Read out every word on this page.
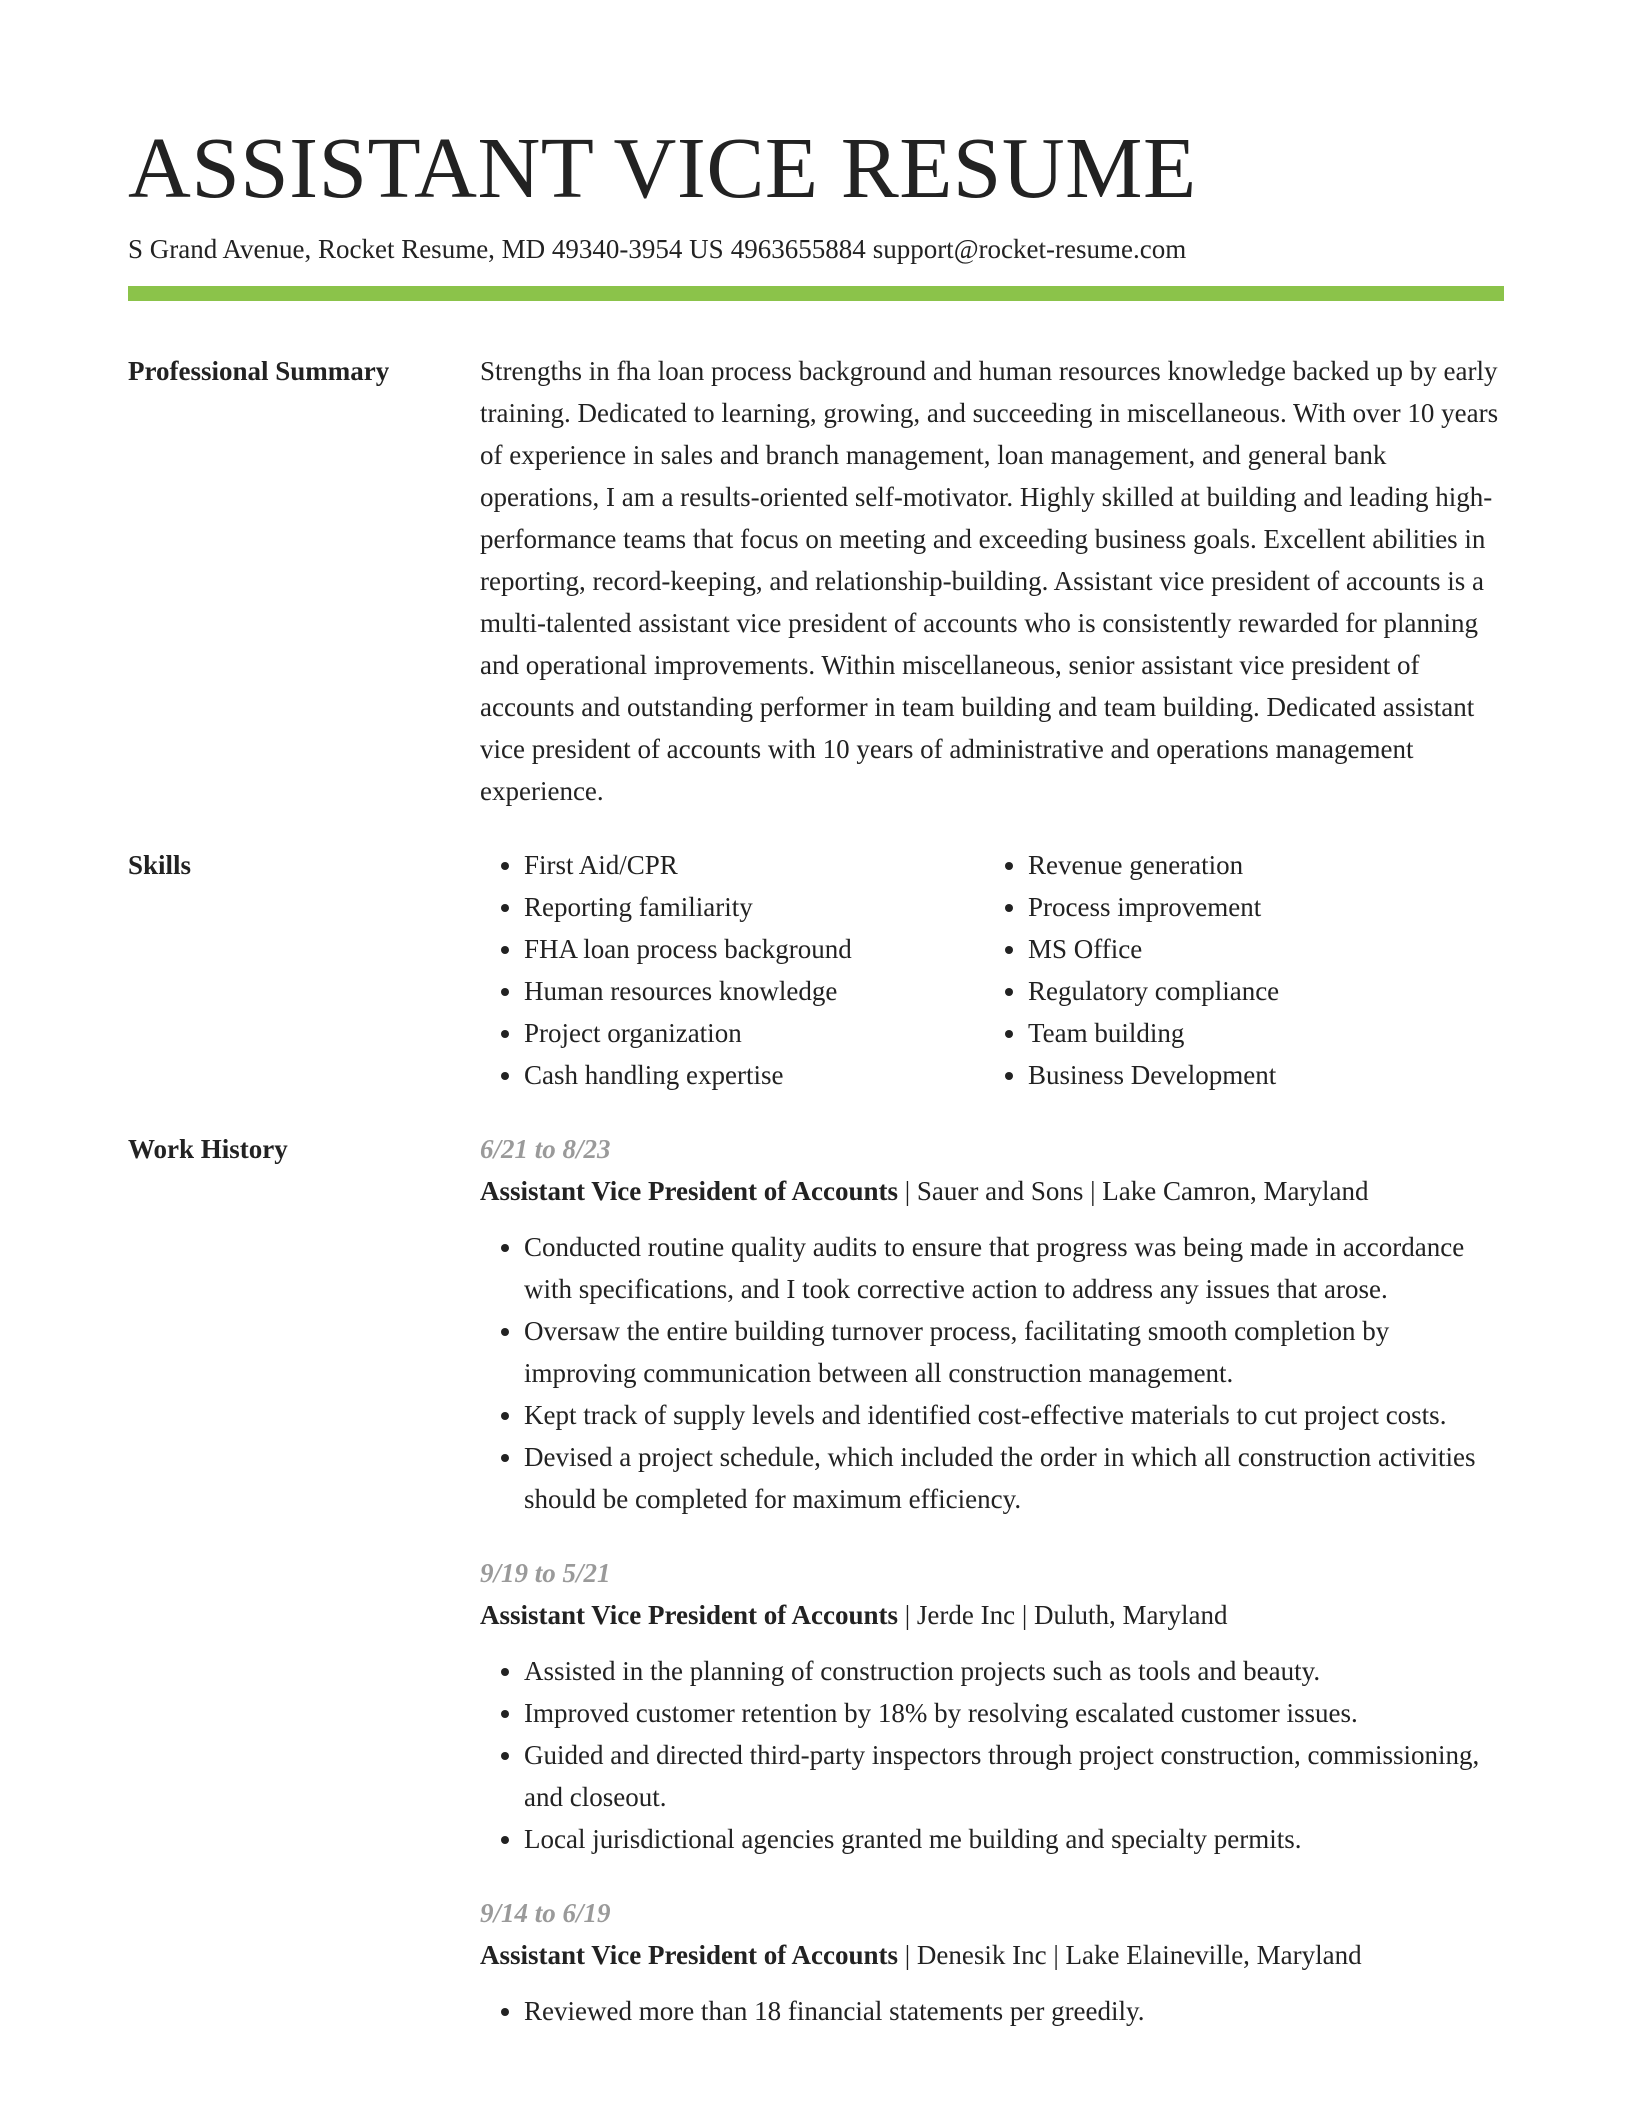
ASSISTANT VICE RESUME
S Grand Avenue, Rocket Resume, MD 49340-3954 US 4963655884 support@rocket-resume.com
Professional Summary	Strengths in fha loan process background and human resources knowledge backed up by early training. Dedicated to learning, growing, and succeeding in miscellaneous. With over 10 years of experience in sales and branch management, loan management, and general bank operations, I am a results-oriented self-motivator. Highly skilled at building and leading high-performance teams that focus on meeting and exceeding business goals. Excellent abilities in reporting, record-keeping, and relationship-building. Assistant vice president of accounts is a multi-talented assistant vice president of accounts who is consistently rewarded for planning and operational improvements. Within miscellaneous, senior assistant vice president of accounts and outstanding performer in team building and team building. Dedicated assistant vice president of accounts with 10 years of administrative and operations management experience.

Skills
•	First Aid/CPR
• Reporting familiarity
• FHA loan process background
• Human resources knowledge
• Project organization
• Cash handling expertise
• Revenue generation
• Process improvement
• MS Office
• Regulatory compliance
• Team building
• Business Development
Work History	6/21 to 8/23
Assistant Vice President of Accounts | Sauer and Sons | Lake Camron, Maryland
• Conducted routine quality audits to ensure that progress was being made in accordance with specifications, and I took corrective action to address any issues that arose.
• Oversaw the entire building turnover process, facilitating smooth completion by improving communication between all construction management.
• Kept track of supply levels and identified cost-effective materials to cut project costs.
• Devised a project schedule, which included the order in which all construction activities should be completed for maximum efficiency.
9/19 to 5/21
Assistant Vice President of Accounts | Jerde Inc | Duluth, Maryland
• Assisted in the planning of construction projects such as tools and beauty.
• Improved customer retention by 18% by resolving escalated customer issues.
• Guided and directed third-party inspectors through project construction, commissioning, and closeout.
• Local jurisdictional agencies granted me building and specialty permits.
9/14 to 6/19
Assistant Vice President of Accounts | Denesik Inc | Lake Elaineville, Maryland
• Reviewed more than 18 financial statements per greedily.
